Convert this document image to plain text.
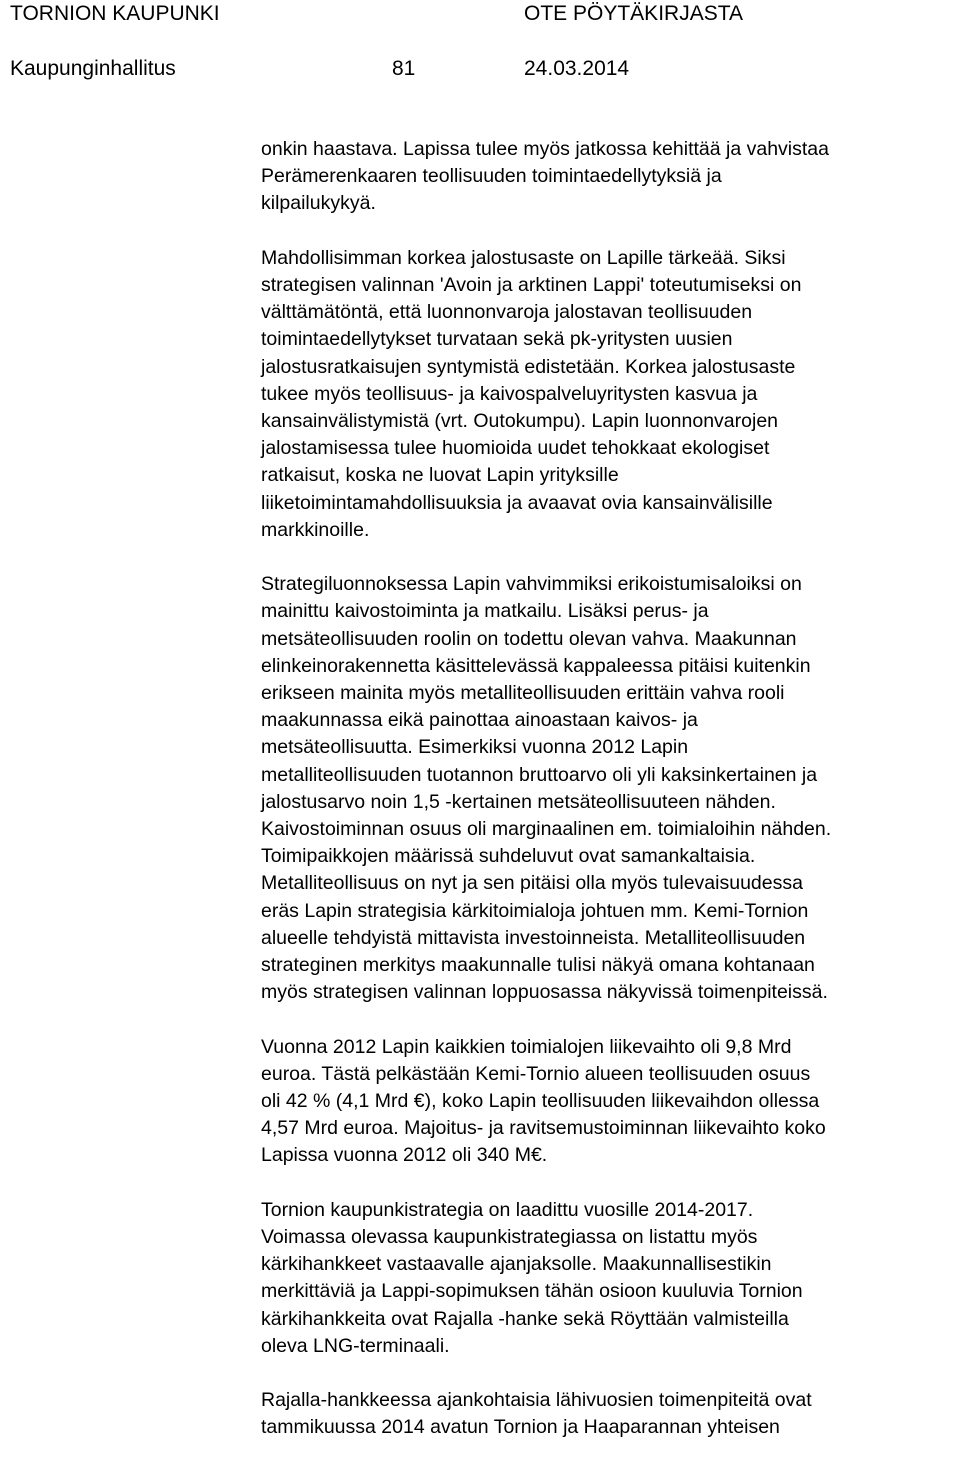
TORNION KAUPUNKI	OTE PÖYTÄKIRJASTA
Kaupunginhallitus	81	24.03.2014

onkin haastava. Lapissa tulee myös jatkossa kehittää ja vahvistaa
Perämerenkaaren teollisuuden toimintaedellytyksiä ja
kilpailukykyä.

Mahdollisimman korkea jalostusaste on Lapille tärkeää. Siksi
strategisen valinnan 'Avoin ja arktinen Lappi' toteutumiseksi on
välttämätöntä, että luonnonvaroja jalostavan teollisuuden
toimintaedellytykset turvataan sekä pk-yritysten uusien
jalostusratkaisujen syntymistä edistetään. Korkea jalostusaste
tukee myös teollisuus- ja kaivospalveluyritysten kasvua ja
kansainvälistymistä (vrt. Outokumpu). Lapin luonnonvarojen
jalostamisessa tulee huomioida uudet tehokkaat ekologiset
ratkaisut, koska ne luovat Lapin yrityksille
liiketoimintamahdollisuuksia ja avaavat ovia kansainvälisille
markkinoille.

Strategiluonnoksessa Lapin vahvimmiksi erikoistumisaloiksi on
mainittu kaivostoiminta ja matkailu. Lisäksi perus- ja
metsäteollisuuden roolin on todettu olevan vahva. Maakunnan
elinkeinorakennetta käsittelevässä kappaleessa pitäisi kuitenkin
erikseen mainita myös metalliteollisuuden erittäin vahva rooli
maakunnassa eikä painottaa ainoastaan kaivos- ja
metsäteollisuutta. Esimerkiksi vuonna 2012 Lapin
metalliteollisuuden tuotannon bruttoarvo oli yli kaksinkertainen ja
jalostusarvo noin 1,5 -kertainen metsäteollisuuteen nähden.
Kaivostoiminnan osuus oli marginaalinen em. toimialoihin nähden.
Toimipaikkojen määrissä suhdeluvut ovat samankaltaisia.
Metalliteollisuus on nyt ja sen pitäisi olla myös tulevaisuudessa
eräs Lapin strategisia kärkitoimialoja johtuen mm. Kemi-Tornion
alueelle tehdyistä mittavista investoinneista. Metalliteollisuuden
strateginen merkitys maakunnalle tulisi näkyä omana kohtanaan
myös strategisen valinnan loppuosassa näkyvissä toimenpiteissä.

Vuonna 2012 Lapin kaikkien toimialojen liikevaihto oli 9,8 Mrd
euroa. Tästä pelkästään Kemi-Tornio alueen teollisuuden osuus
oli 42 % (4,1 Mrd €), koko Lapin teollisuuden liikevaihdon ollessa
4,57 Mrd euroa. Majoitus- ja ravitsemustoiminnan liikevaihto koko
Lapissa vuonna 2012 oli 340 M€.

Tornion kaupunkistrategia on laadittu vuosille 2014-2017.
Voimassa olevassa kaupunkistrategiassa on listattu myös
kärkihankkeet vastaavalle ajanjaksolle. Maakunnallisestikin
merkittäviä ja Lappi-sopimuksen tähän osioon kuuluvia Tornion
kärkihankkeita ovat Rajalla -hanke sekä Röyttään valmisteilla
oleva LNG-terminaali.

Rajalla-hankkeessa ajankohtaisia lähivuosien toimenpiteitä ovat
tammikuussa 2014 avatun Tornion ja Haaparannan yhteisen
